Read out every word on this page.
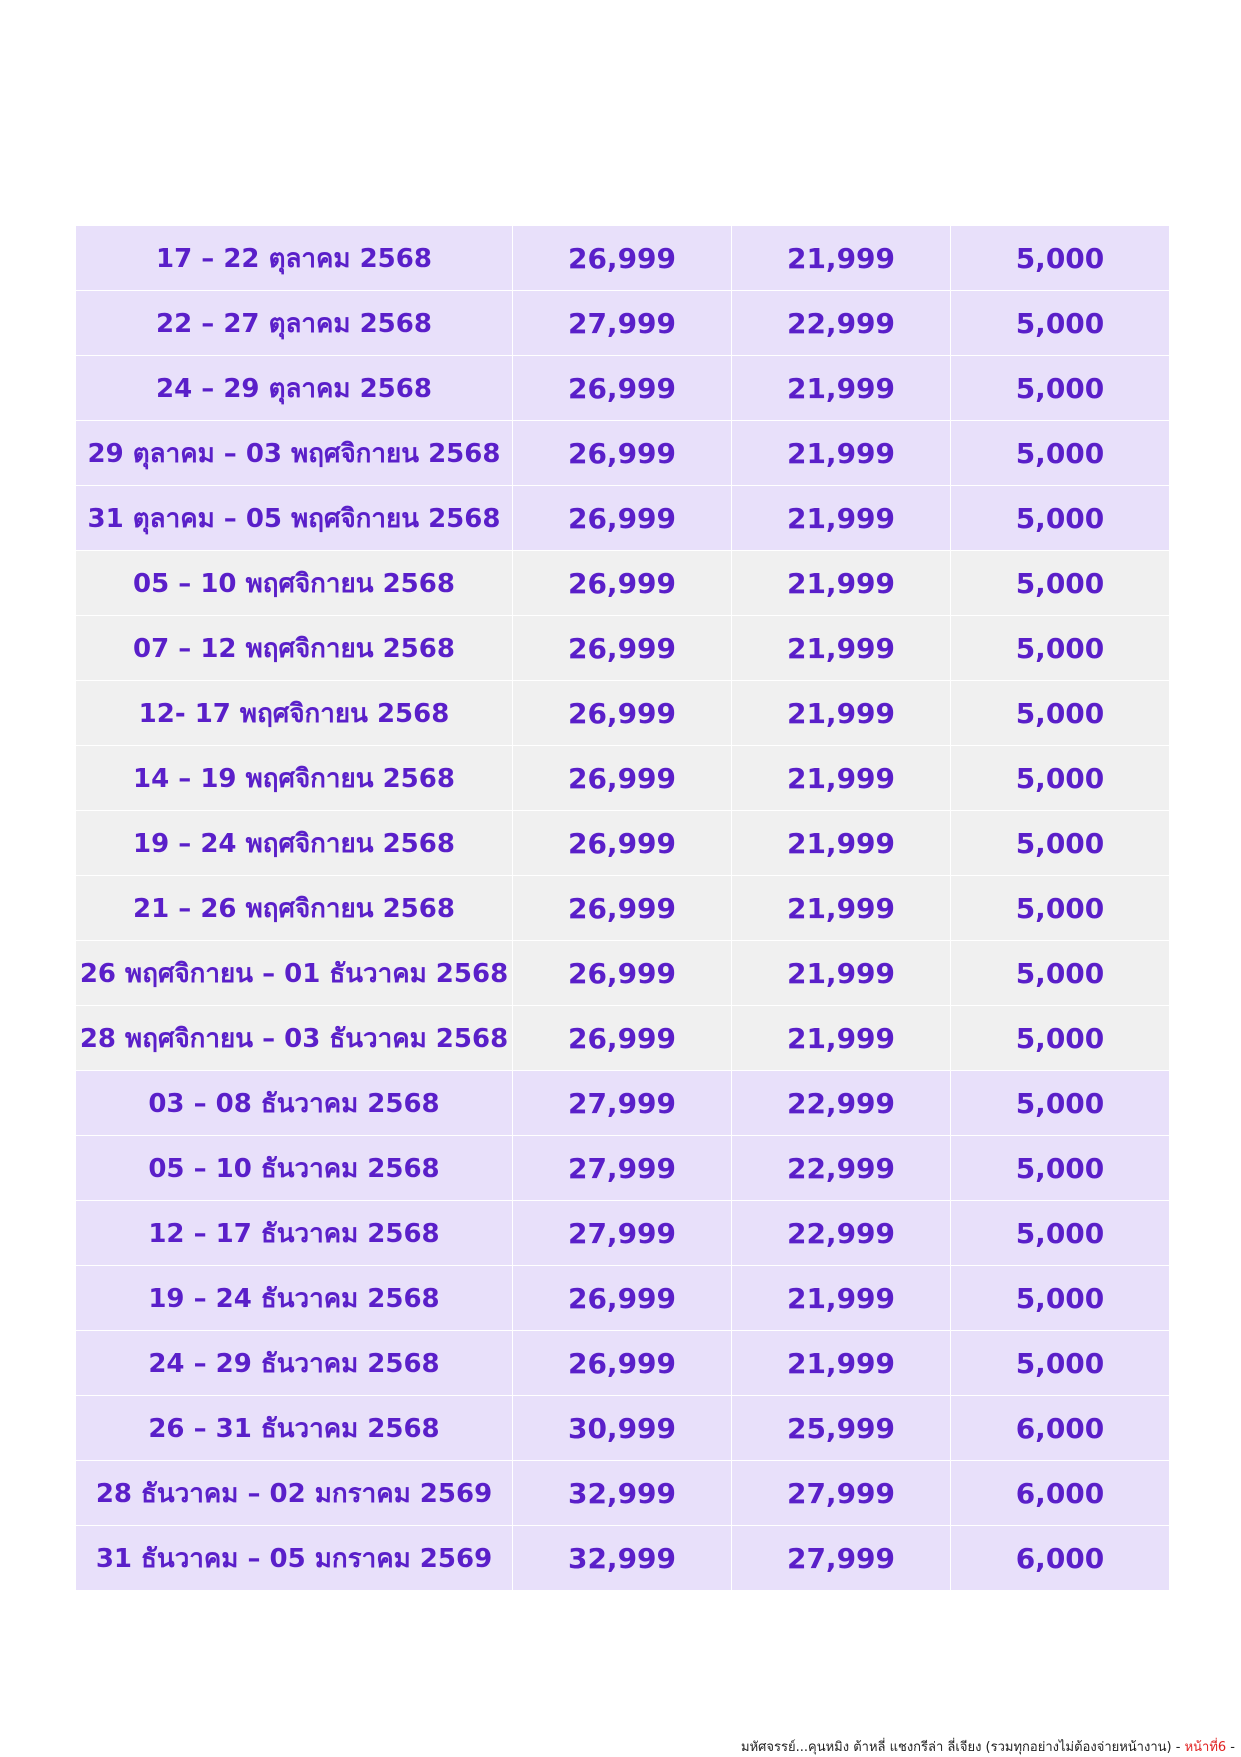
17 – 22 ตุลาคม 2568	26,999	21,999	5,000
22 – 27 ตุลาคม 2568	27,999	22,999	5,000
24 – 29 ตุลาคม 2568	26,999	21,999	5,000
29 ตุลาคม – 03 พฤศจิกายน 2568	26,999	21,999	5,000
31 ตุลาคม – 05 พฤศจิกายน 2568	26,999	21,999	5,000
05 – 10 พฤศจิกายน 2568	26,999	21,999	5,000
07 – 12 พฤศจิกายน 2568	26,999	21,999	5,000
12- 17 พฤศจิกายน 2568	26,999	21,999	5,000
14 – 19 พฤศจิกายน 2568	26,999	21,999	5,000
19 – 24 พฤศจิกายน 2568	26,999	21,999	5,000
21 – 26 พฤศจิกายน 2568	26,999	21,999	5,000
26 พฤศจิกายน – 01 ธันวาคม 2568	26,999	21,999	5,000
28 พฤศจิกายน – 03 ธันวาคม 2568	26,999	21,999	5,000
03 – 08 ธันวาคม 2568	27,999	22,999	5,000
05 – 10 ธันวาคม 2568	27,999	22,999	5,000
12 – 17 ธันวาคม 2568	27,999	22,999	5,000
19 – 24 ธันวาคม 2568	26,999	21,999	5,000
24 – 29 ธันวาคม 2568	26,999	21,999	5,000
26 – 31 ธันวาคม 2568	30,999	25,999	6,000
28 ธันวาคม – 02 มกราคม 2569	32,999	27,999	6,000
31 ธันวาคม – 05 มกราคม 2569	32,999	27,999	6,000
มหัศจรรย์...คุนหมิง ต้าหลี่ แชงกรีล่า ลี่เจียง (รวมทุกอย่างไม่ต้องจ่ายหน้างาน) - หน้าที่6 -
